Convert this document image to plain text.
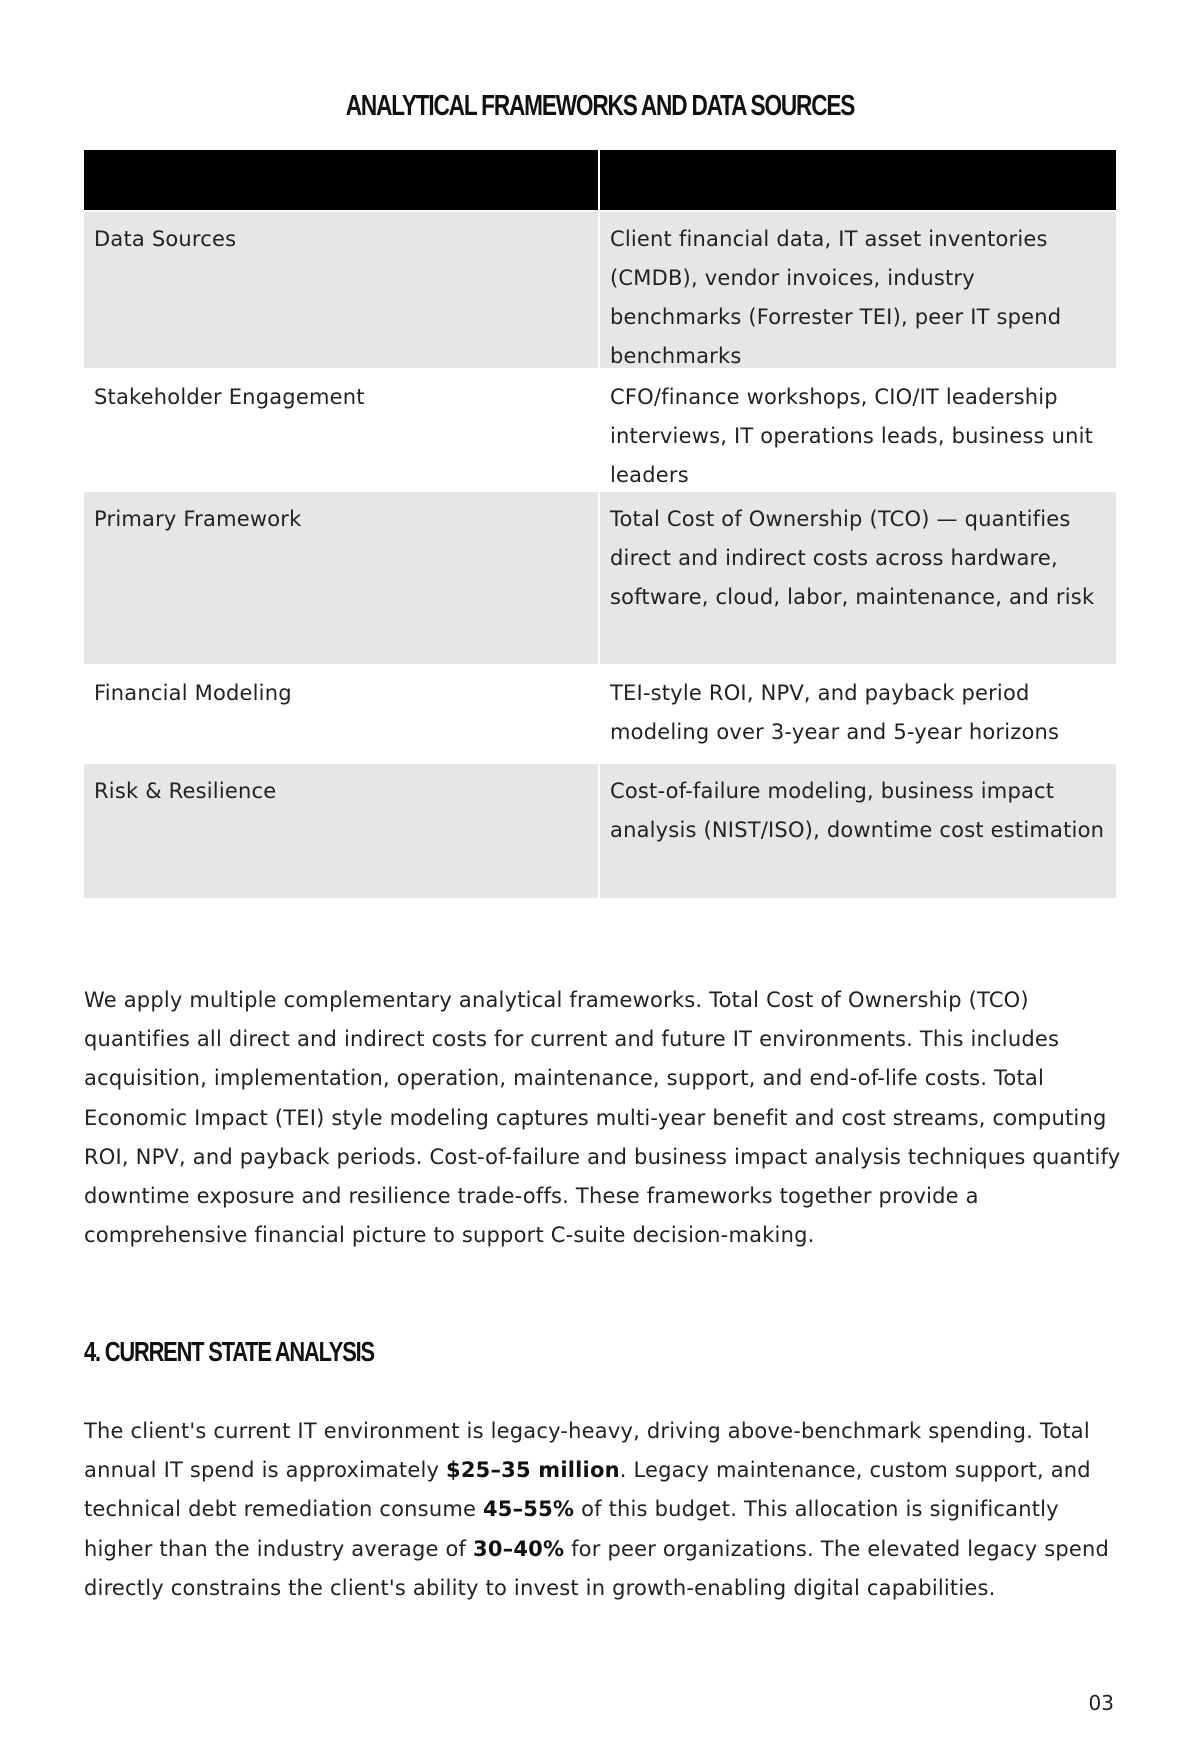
ANALYTICAL FRAMEWORKS AND DATA SOURCES
Data Sources	Client financial data, IT asset inventories (CMDB), vendor invoices, industry benchmarks (Forrester TEI), peer IT spend benchmarks
Stakeholder Engagement	CFO/finance workshops, CIO/IT leadership interviews, IT operations leads, business unit leaders
Primary Framework	Total Cost of Ownership (TCO) — quantifies direct and indirect costs across hardware, software, cloud, labor, maintenance, and risk
Financial Modeling	TEI-style ROI, NPV, and payback period modeling over 3-year and 5-year horizons
Risk & Resilience	Cost-of-failure modeling, business impact analysis (NIST/ISO), downtime cost estimation

We apply multiple complementary analytical frameworks. Total Cost of Ownership (TCO) quantifies all direct and indirect costs for current and future IT environments. This includes acquisition, implementation, operation, maintenance, support, and end-of-life costs. Total Economic Impact (TEI) style modeling captures multi-year benefit and cost streams, computing ROI, NPV, and payback periods. Cost-of-failure and business impact analysis techniques quantify downtime exposure and resilience trade-offs. These frameworks together provide a comprehensive financial picture to support C-suite decision-making.

4. CURRENT STATE ANALYSIS

The client's current IT environment is legacy-heavy, driving above-benchmark spending. Total annual IT spend is approximately $25–35 million. Legacy maintenance, custom support, and technical debt remediation consume 45–55% of this budget. This allocation is significantly higher than the industry average of 30–40% for peer organizations. The elevated legacy spend directly constrains the client's ability to invest in growth-enabling digital capabilities.

03
